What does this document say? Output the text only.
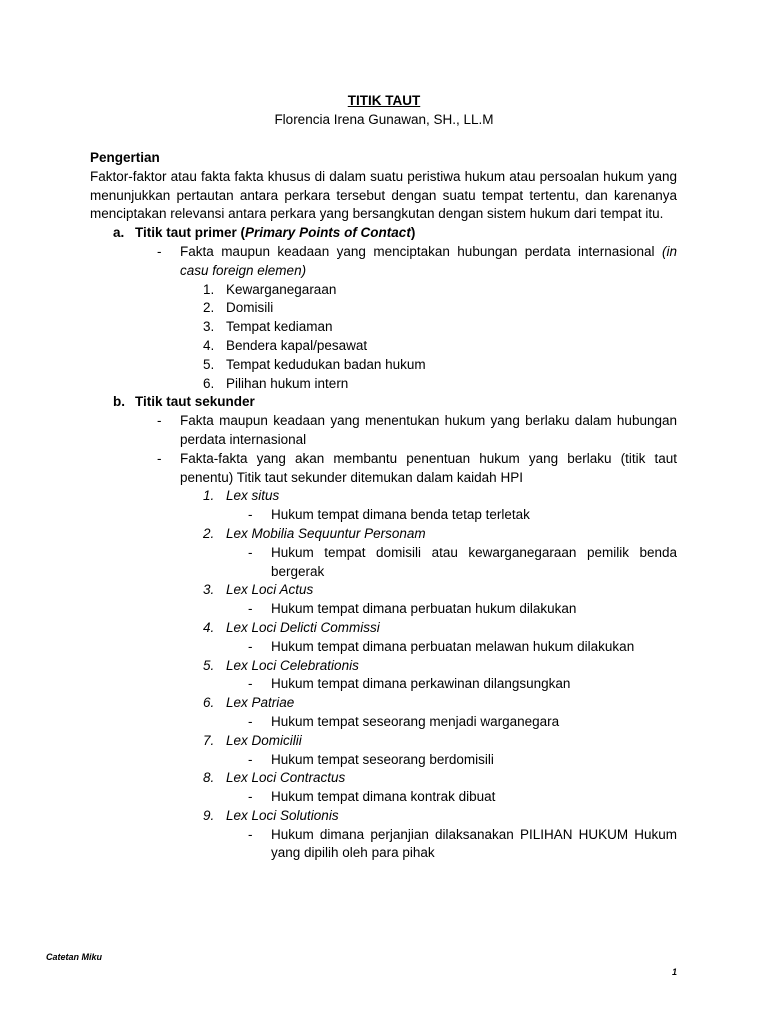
TITIK TAUT
Florencia Irena Gunawan, SH., LL.M
Pengertian
Faktor-faktor atau fakta fakta khusus di dalam suatu peristiwa hukum atau persoalan hukum yang menunjukkan pertautan antara perkara tersebut dengan suatu tempat tertentu, dan karenanya menciptakan relevansi antara perkara yang bersangkutan dengan sistem hukum dari tempat itu.
a. Titik taut primer (Primary Points of Contact)
- Fakta maupun keadaan yang menciptakan hubungan perdata internasional (in casu foreign elemen)
1. Kewarganegaraan
2. Domisili
3. Tempat kediaman
4. Bendera kapal/pesawat
5. Tempat kedudukan badan hukum
6. Pilihan hukum intern
b. Titik taut sekunder
- Fakta maupun keadaan yang menentukan hukum yang berlaku dalam hubungan perdata internasional
- Fakta-fakta yang akan membantu penentuan hukum yang berlaku (titik taut penentu) Titik taut sekunder ditemukan dalam kaidah HPI
1. Lex situs
- Hukum tempat dimana benda tetap terletak
2. Lex Mobilia Sequuntur Personam
- Hukum tempat domisili atau kewarganegaraan pemilik benda bergerak
3. Lex Loci Actus
- Hukum tempat dimana perbuatan hukum dilakukan
4. Lex Loci Delicti Commissi
- Hukum tempat dimana perbuatan melawan hukum dilakukan
5. Lex Loci Celebrationis
- Hukum tempat dimana perkawinan dilangsungkan
6. Lex Patriae
- Hukum tempat seseorang menjadi warganegara
7. Lex Domicilii
- Hukum tempat seseorang berdomisili
8. Lex Loci Contractus
- Hukum tempat dimana kontrak dibuat
9. Lex Loci Solutionis
- Hukum dimana perjanjian dilaksanakan PILIHAN HUKUM Hukum yang dipilih oleh para pihak
Catetan Miku
1
